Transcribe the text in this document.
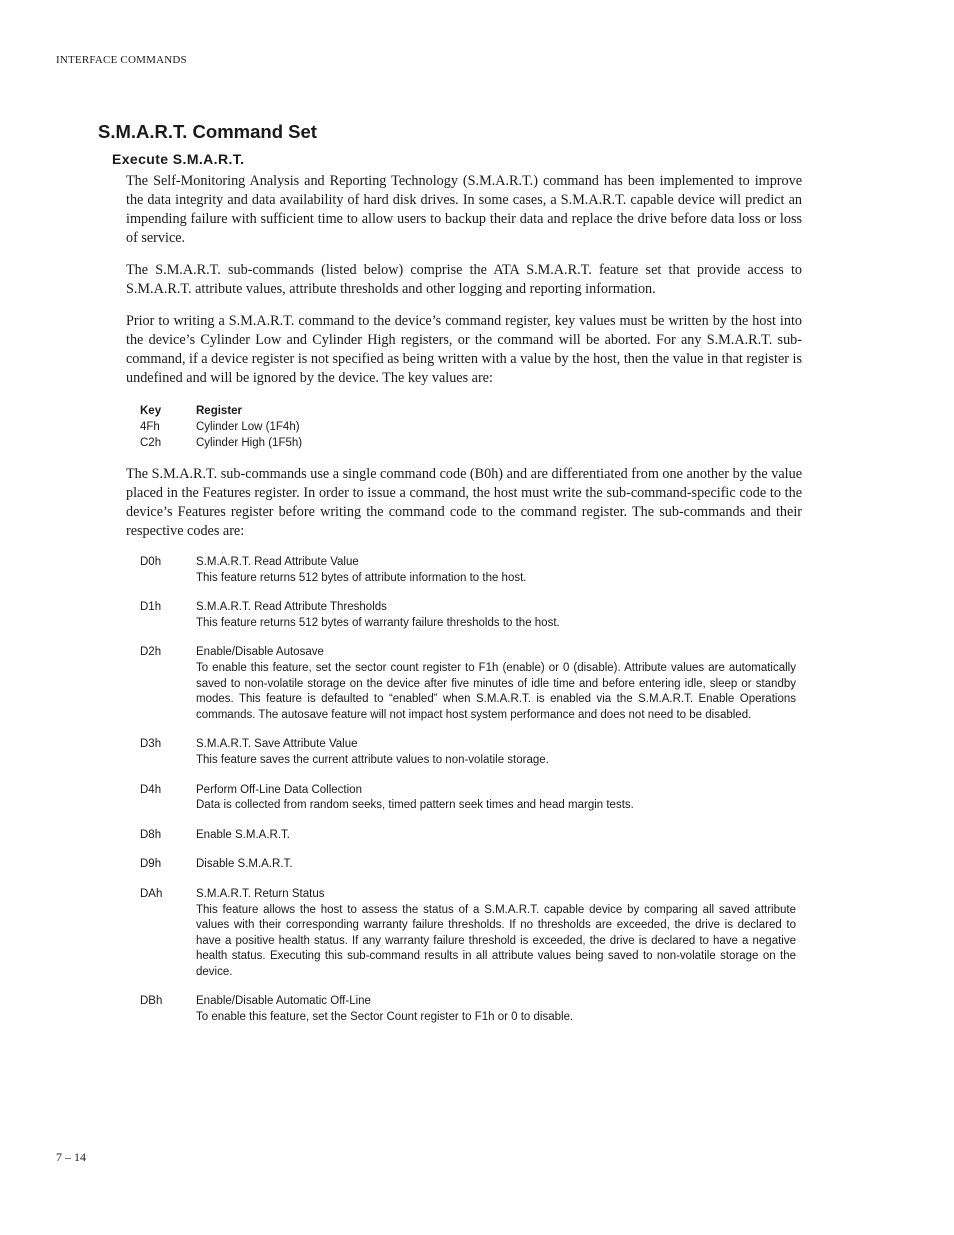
INTERFACE COMMANDS
S.M.A.R.T. Command Set
Execute S.M.A.R.T.

The Self-Monitoring Analysis and Reporting Technology (S.M.A.R.T.) command has been implemented to improve the data integrity and data availability of hard disk drives. In some cases, a S.M.A.R.T. capable device will predict an impending failure with sufficient time to allow users to backup their data and replace the drive before data loss or loss of service.

The S.M.A.R.T. sub-commands (listed below) comprise the ATA S.M.A.R.T. feature set that provide access to S.M.A.R.T. attribute values, attribute thresholds and other logging and reporting information.

Prior to writing a S.M.A.R.T. command to the device’s command register, key values must be written by the host into the device’s Cylinder Low and Cylinder High registers, or the command will be aborted. For any S.M.A.R.T. sub-command, if a device register is not specified as being written with a value by the host, then the value in that register is undefined and will be ignored by the device. The key values are:

Key	Register
4Fh	Cylinder Low (1F4h)
C2h	Cylinder High (1F5h)

The S.M.A.R.T. sub-commands use a single command code (B0h) and are differentiated from one another by the value placed in the Features register. In order to issue a command, the host must write the sub-command-specific code to the device’s Features register before writing the command code to the command register. The sub-commands and their respective codes are:

D0h	S.M.A.R.T. Read Attribute Value
This feature returns 512 bytes of attribute information to the host.
D1h	S.M.A.R.T. Read Attribute Thresholds
This feature returns 512 bytes of warranty failure thresholds to the host.
D2h	Enable/Disable Autosave
To enable this feature, set the sector count register to F1h (enable) or 0 (disable). Attribute values are automatically saved to non-volatile storage on the device after five minutes of idle time and before entering idle, sleep or standby modes. This feature is defaulted to “enabled” when S.M.A.R.T. is enabled via the S.M.A.R.T. Enable Operations commands. The autosave feature will not impact host system performance and does not need to be disabled.
D3h	S.M.A.R.T. Save Attribute Value
This feature saves the current attribute values to non-volatile storage.
D4h	Perform Off-Line Data Collection
Data is collected from random seeks, timed pattern seek times and head margin tests.
D8h	Enable S.M.A.R.T.
D9h	Disable S.M.A.R.T.
DAh	S.M.A.R.T. Return Status
This feature allows the host to assess the status of a S.M.A.R.T. capable device by comparing all saved attribute values with their corresponding warranty failure thresholds. If no thresholds are exceeded, the drive is declared to have a positive health status. If any warranty failure threshold is exceeded, the drive is declared to have a negative health status. Executing this sub-command results in all attribute values being saved to non-volatile storage on the device.
DBh	Enable/Disable Automatic Off-Line
To enable this feature, set the Sector Count register to F1h or 0 to disable.
7 – 14
